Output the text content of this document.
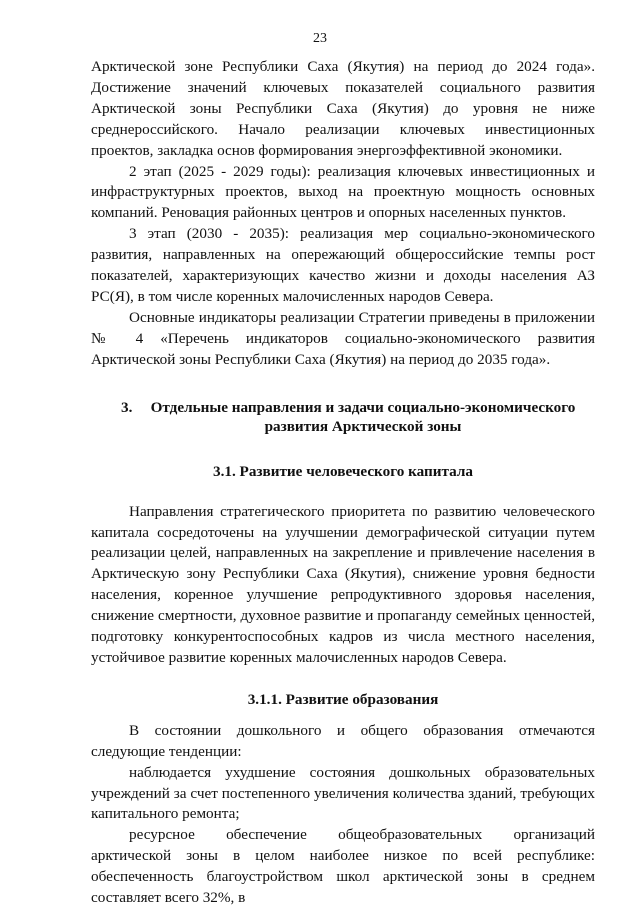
23

Арктической зоне Республики Саха (Якутия) на период до 2024 года». Достижение значений ключевых показателей социального развития Арктической зоны Республики Саха (Якутия) до уровня не ниже среднероссийского. Начало реализации ключевых инвестиционных проектов, закладка основ формирования энергоэффективной экономики.

2 этап (2025 - 2029 годы): реализация ключевых инвестиционных и инфраструктурных проектов, выход на проектную мощность основных компаний. Реновация районных центров и опорных населенных пунктов.

3 этап (2030 - 2035): реализация мер социально-экономического развития, направленных на опережающий общероссийские темпы рост показателей, характеризующих качество жизни и доходы населения АЗ РС(Я), в том числе коренных малочисленных народов Севера.

Основные индикаторы реализации Стратегии приведены в приложении № 4 «Перечень индикаторов социально-экономического развития Арктической зоны Республики Саха (Якутия) на период до 2035 года».

3.	Отдельные направления и задачи социально-экономического развития Арктической зоны
3.1. Развитие человеческого капитала

Направления стратегического приоритета по развитию человеческого капитала сосредоточены на улучшении демографической ситуации путем реализации целей, направленных на закрепление и привлечение населения в Арктическую зону Республики Саха (Якутия), снижение уровня бедности населения, коренное улучшение репродуктивного здоровья населения, снижение смертности, духовное развитие и пропаганду семейных ценностей, подготовку конкурентоспособных кадров из числа местного населения, устойчивое развитие коренных малочисленных народов Севера.

3.1.1. Развитие образования

В состоянии дошкольного и общего образования отмечаются следующие тенденции:

наблюдается ухудшение состояния дошкольных образовательных учреждений за счет постепенного увеличения количества зданий, требующих капитального ремонта;

ресурсное обеспечение общеобразовательных организаций арктической зоны в целом наиболее низкое по всей республике: обеспеченность благоустройством школ арктической зоны в среднем составляет всего 32%, в
